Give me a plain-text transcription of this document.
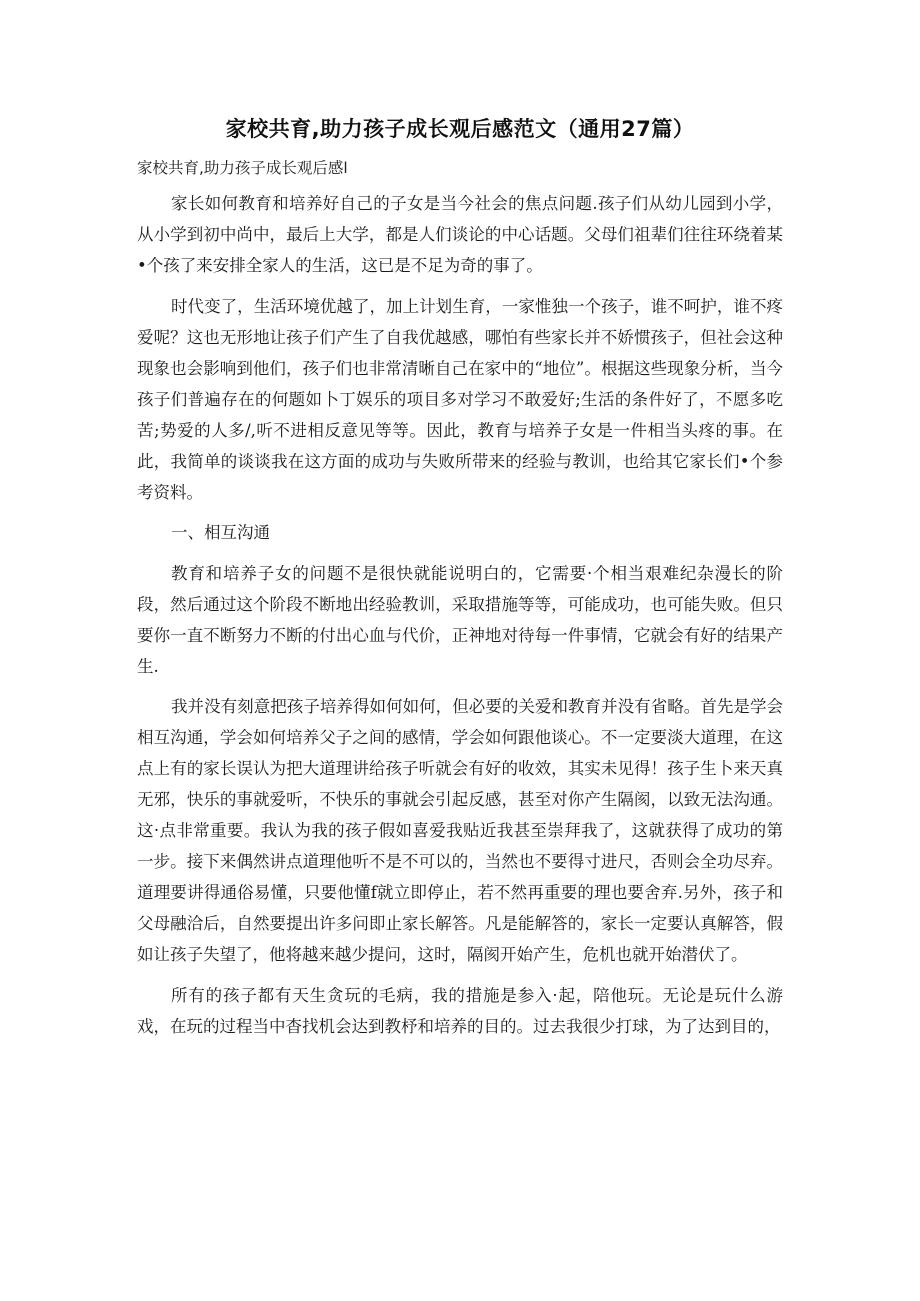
家校共育,助力孩子成长观后感范文（通用27篇）

家校共育,助力孩子成长观后感l

家长如何教育和培养好自己的子女是当今社会的焦点问题.孩子们从幼儿园到小学，从小学到初中尚中，最后上大学，都是人们谈论的中心话题。父母们祖辈们往往环绕着某•个孩了来安排全家人的生活，这已是不足为奇的事了。

时代变了，生活环境优越了，加上计划生育，一家惟独一个孩子，谁不呵护，谁不疼爱呢？这也无形地让孩子们产生了自我优越感，哪怕有些家长并不娇惯孩子，但社会这种现象也会影响到他们，孩子们也非常清晰自己在家中的“地位”。根据这些现象分析，当今孩子们普遍存在的何题如卜丁娱乐的项目多对学习不敢爱好;生活的条件好了，不愿多吃苦;势爱的人多/,听不进相反意见等等。因此，教育与培养子女是一件相当头疼的事。在此，我简单的谈谈我在这方面的成功与失败所带来的经验与教训，也给其它家长们•个参考资料。

一、相互沟通

教育和培养子女的问题不是很快就能说明白的，它需要·个相当艰难纪杂漫长的阶段，然后通过这个阶段不断地出经验教训，采取措施等等，可能成功，也可能失败。但只要你一直不断努力不断的付出心血与代价，正神地对待每一件事情，它就会有好的结果产生.

我并没有刻意把孩子培养得如何如何，但必要的关爱和教育并没有省略。首先是学会相互沟通，学会如何培养父子之间的感情，学会如何跟他谈心。不一定要淡大道理，在这点上有的家长误认为把大道理讲给孩子听就会有好的收效，其实未见得！孩子生卜来天真无邪，快乐的事就爱听，不快乐的事就会引起反感，甚至对你产生隔阂，以致无法沟通。这·点非常重要。我认为我的孩子假如喜爱我贴近我甚至崇拜我了，这就获得了成功的第一步。接下来偶然讲点道理他听不是不可以的，当然也不要得寸进尺，否则会全功尽弃。道理要讲得通俗易懂，只要他懂f就立即停止，若不然再重要的理也要舍弃.另外，孩子和父母融洽后，自然要提出许多问即止家长解答。凡是能解答的，家长一定要认真解答，假如让孩子失望了，他将越来越少提问，这时，隔阂开始产生，危机也就开始潜伏了。

所有的孩子都有天生贪玩的毛病，我的措施是参入·起，陪他玩。无论是玩什么游戏，在玩的过程当中杳找机会达到教杼和培养的目的。过去我很少打球，为了达到目的，
